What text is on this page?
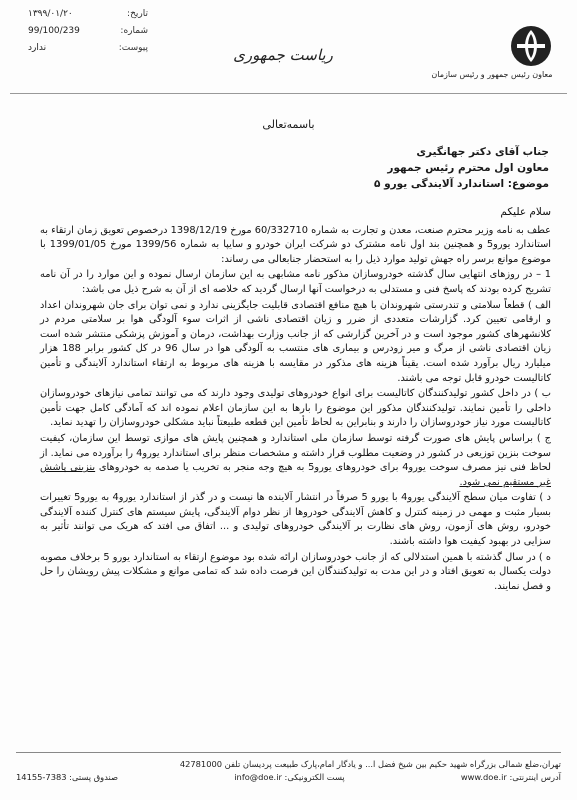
تاریخ:
۱۳۹۹/۰۱/۲۰
شماره:
99/100/239
پیوست:
ندارد	ریاست جمهوری
معاون رئیس جمهور و رئیس سازمان
باسمه‌تعالی
جناب آقای دکتر جهانگیری
معاون اول محترم رئیس جمهور
موضوع: استاندارد آلایندگی یورو ۵

سلام علیکم

عطف به نامه وزیر محترم صنعت، معدن و تجارت به شماره 60/332710 مورخ 1398/12/19 درخصوص تعویق زمان ارتقاء به استاندارد یورو5 و همچنین بند اول نامه مشترک دو شرکت ایران خودرو و سایپا به شماره 1399/56 مورخ 1399/01/05 با موضوع موانع برسر راه جهش تولید موارد ذیل را به استحضار جنابعالی می رساند:

1 – در روزهای انتهایی سال گذشته خودروسازان مذکور نامه مشابهی به این سازمان ارسال نموده و این موارد را در آن نامه تشریح کرده بودند که پاسخ فنی و مستدلی به درخواست آنها ارسال گردید که خلاصه ای از آن به شرح ذیل می باشد:

الف ) قطعاً سلامتی و تندرستی شهروندان با هیچ منافع اقتصادی قابلیت جایگزینی ندارد و نمی توان برای جان شهروندان اعداد و ارقامی تعیین کرد. گزارشات متعددی از ضرر و زیان اقتصادی ناشی از اثرات سوء آلودگی هوا بر سلامتی مردم در کلانشهرهای کشور موجود است و در آخرین گزارشی که از جانب وزارت بهداشت، درمان و آموزش پزشکی منتشر شده است زیان اقتصادی ناشی از مرگ و میر زودرس و بیماری های منتسب به آلودگی هوا در سال 96 در کل کشور برابر 188 هزار میلیارد ریال برآورد شده است. یقیناً هزینه های مذکور در مقایسه با هزینه های مربوط به ارتقاء استاندارد آلایندگی و تأمین کاتالیست خودرو قابل توجه می باشند.

ب ) در داخل کشور تولیدکنندگان کاتالیست برای انواع خودروهای تولیدی وجود دارند که می توانند تمامی نیازهای خودروسازان داخلی را تأمین نمایند. تولیدکنندگان مذکور این موضوع را بارها به این سازمان اعلام نموده اند که آمادگی کامل جهت تأمین کاتالیست مورد نیاز خودروسازان را دارند و بنابراین به لحاظ تأمین این قطعه طبیعتاً نباید مشکلی خودروسازان را تهدید نماید.

ج ) براساس پایش های صورت گرفته توسط سازمان ملی استاندارد و همچنین پایش های موازی توسط این سازمان، کیفیت سوخت بنزین توزیعی در کشور در وضعیت مطلوب قرار داشته و مشخصات منظر برای استاندارد یورو4 را برآورده می نماید. از لحاظ فنی نیز مصرف سوخت یورو4 برای خودروهای یورو5 به هیچ وجه منجر به تخریب یا صدمه به خودروهای بنزینی پاشش غیر مستقیم نمی شود.

د ) تفاوت میان سطح آلایندگی یورو4 با یورو 5 صرفاً در انتشار آلاینده ها نیست و در گذر از استاندارد یورو4 به یورو5 تغییرات بسیار مثبت و مهمی در زمینه کنترل و کاهش آلایندگی خودروها از نظر دوام آلایندگی، پایش سیستم های کنترل کننده آلایندگی خودرو، روش های آزمون، روش های نظارت بر آلایندگی خودروهای تولیدی و ... اتفاق می افتد که هریک می توانند تأثیر به سزایی در بهبود کیفیت هوا داشته باشند.

ه ) در سال گذشته با همین استدلالی که از جانب خودروسازان ارائه شده بود موضوع ارتقاء به استاندارد یورو 5 برخلاف مصوبه دولت یکسال به تعویق افتاد و در این مدت به تولیدکنندگان این فرصت داده شد که تمامی موانع و مشکلات پیش رویشان را حل و فصل نمایند.

تهران،ضلع شمالی بزرگراه شهید حکیم بین شیخ فضل ا... و یادگار امام،پارک طبیعت پردیسان تلفن 42781000
آدرس اینترنتی: www.doe.ir
پست الکترونیکی: info@doe.ir
صندوق پستی: 7383-14155
